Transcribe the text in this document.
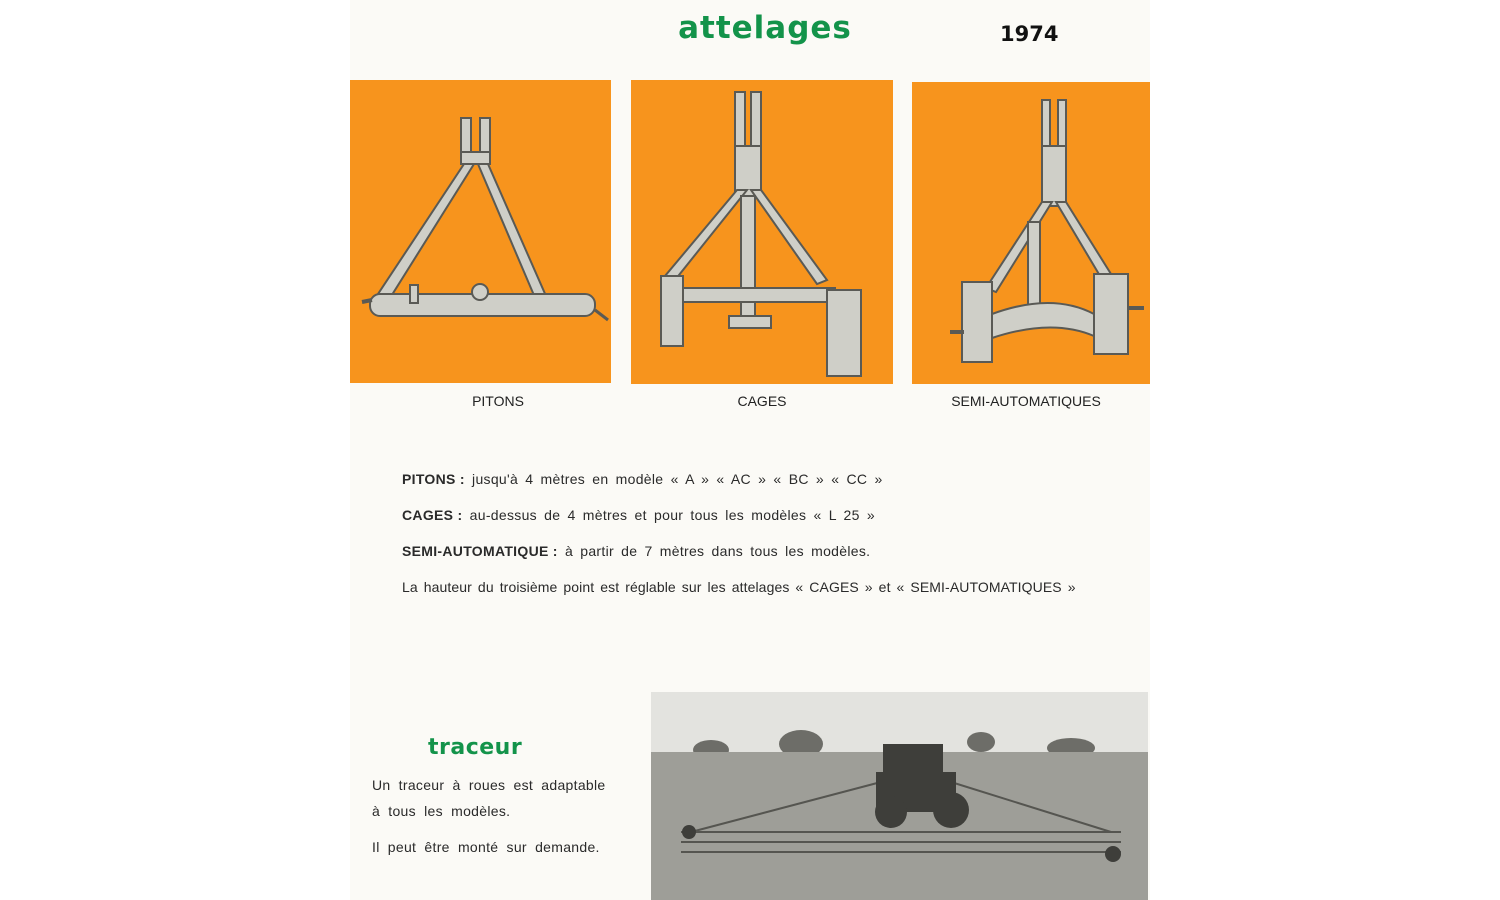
attelages	1974
PITONS	CAGES	SEMI-AUTOMATIQUES
PITONS : jusqu'à 4 mètres en modèle « A » « AC » « BC » « CC »
CAGES : au-dessus de 4 mètres et pour tous les modèles « L 25 »
SEMI-AUTOMATIQUE : à partir de 7 mètres dans tous les modèles.
La hauteur du troisième point est réglable sur les attelages « CAGES » et « SEMI-AUTOMATIQUES »
traceur
Un traceur à roues est adaptable
à tous les modèles.
Il peut être monté sur demande.
